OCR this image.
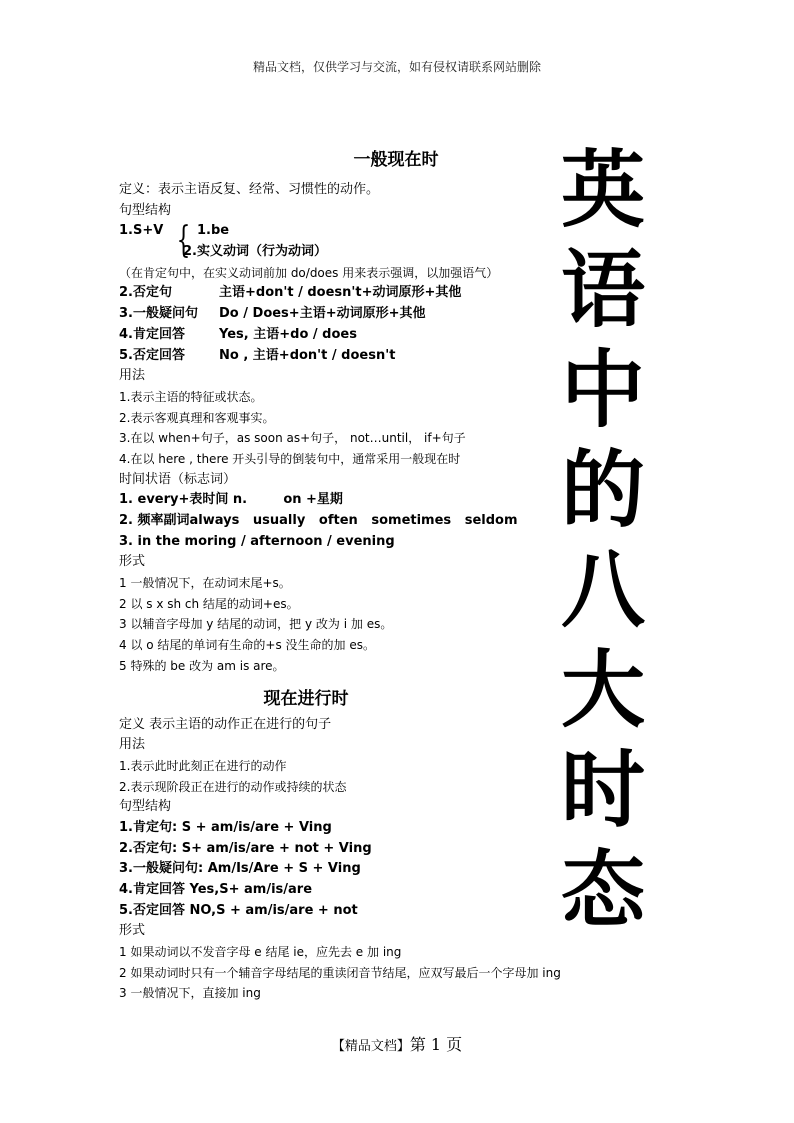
精品文档，仅供学习与交流，如有侵权请联系网站删除
一般现在时
定义：表示主语反复、经常、习惯性的动作。
句型结构
1.S+V { 1.be
2.实义动词（行为动词）
（在肯定句中，在实义动词前加 do/does 用来表示强调，以加强语气）
2.否定句	主语+don't / doesn't+动词原形+其他
3.一般疑问句 Do / Does+主语+动词原形+其他
4.肯定回答	Yes, 主语+do / does
5.否定回答	No , 主语+don't / doesn't
用法
1.表示主语的特征或状态。
2.表示客观真理和客观事实。
3.在以 when+句子，as soon as+句子， not…until， if+句子
4.在以 here , there 开头引导的倒装句中，通常采用一般现在时
时间状语（标志词）
1. every+表时间 n.        on +星期
2. 频率副词always   usually   often   sometimes   seldom
3. in the moring / afternoon / evening
形式
1 一般情况下，在动词末尾+s。
2 以 s x sh ch 结尾的动词+es。
3 以辅音字母加 y 结尾的动词，把 y 改为 i 加 es。
4 以 o 结尾的单词有生命的+s 没生命的加 es。
5 特殊的 be 改为 am is are。
现在进行时
定义 表示主语的动作正在进行的句子
用法
1.表示此时此刻正在进行的动作
2.表示现阶段正在进行的动作或持续的状态
句型结构
1.肯定句: S + am/is/are + Ving
2.否定句: S+ am/is/are + not + Ving
3.一般疑问句: Am/Is/Are + S + Ving
4.肯定回答 Yes,S+ am/is/are
5.否定回答 NO,S + am/is/are + not
形式
1 如果动词以不发音字母 e 结尾 ie，应先去 e 加 ing
2 如果动词时只有一个辅音字母结尾的重读闭音节结尾，应双写最后一个字母加 ing
3 一般情况下，直接加 ing
英
语
中
的
八
大
时
态
【精品文档】第 1 页
